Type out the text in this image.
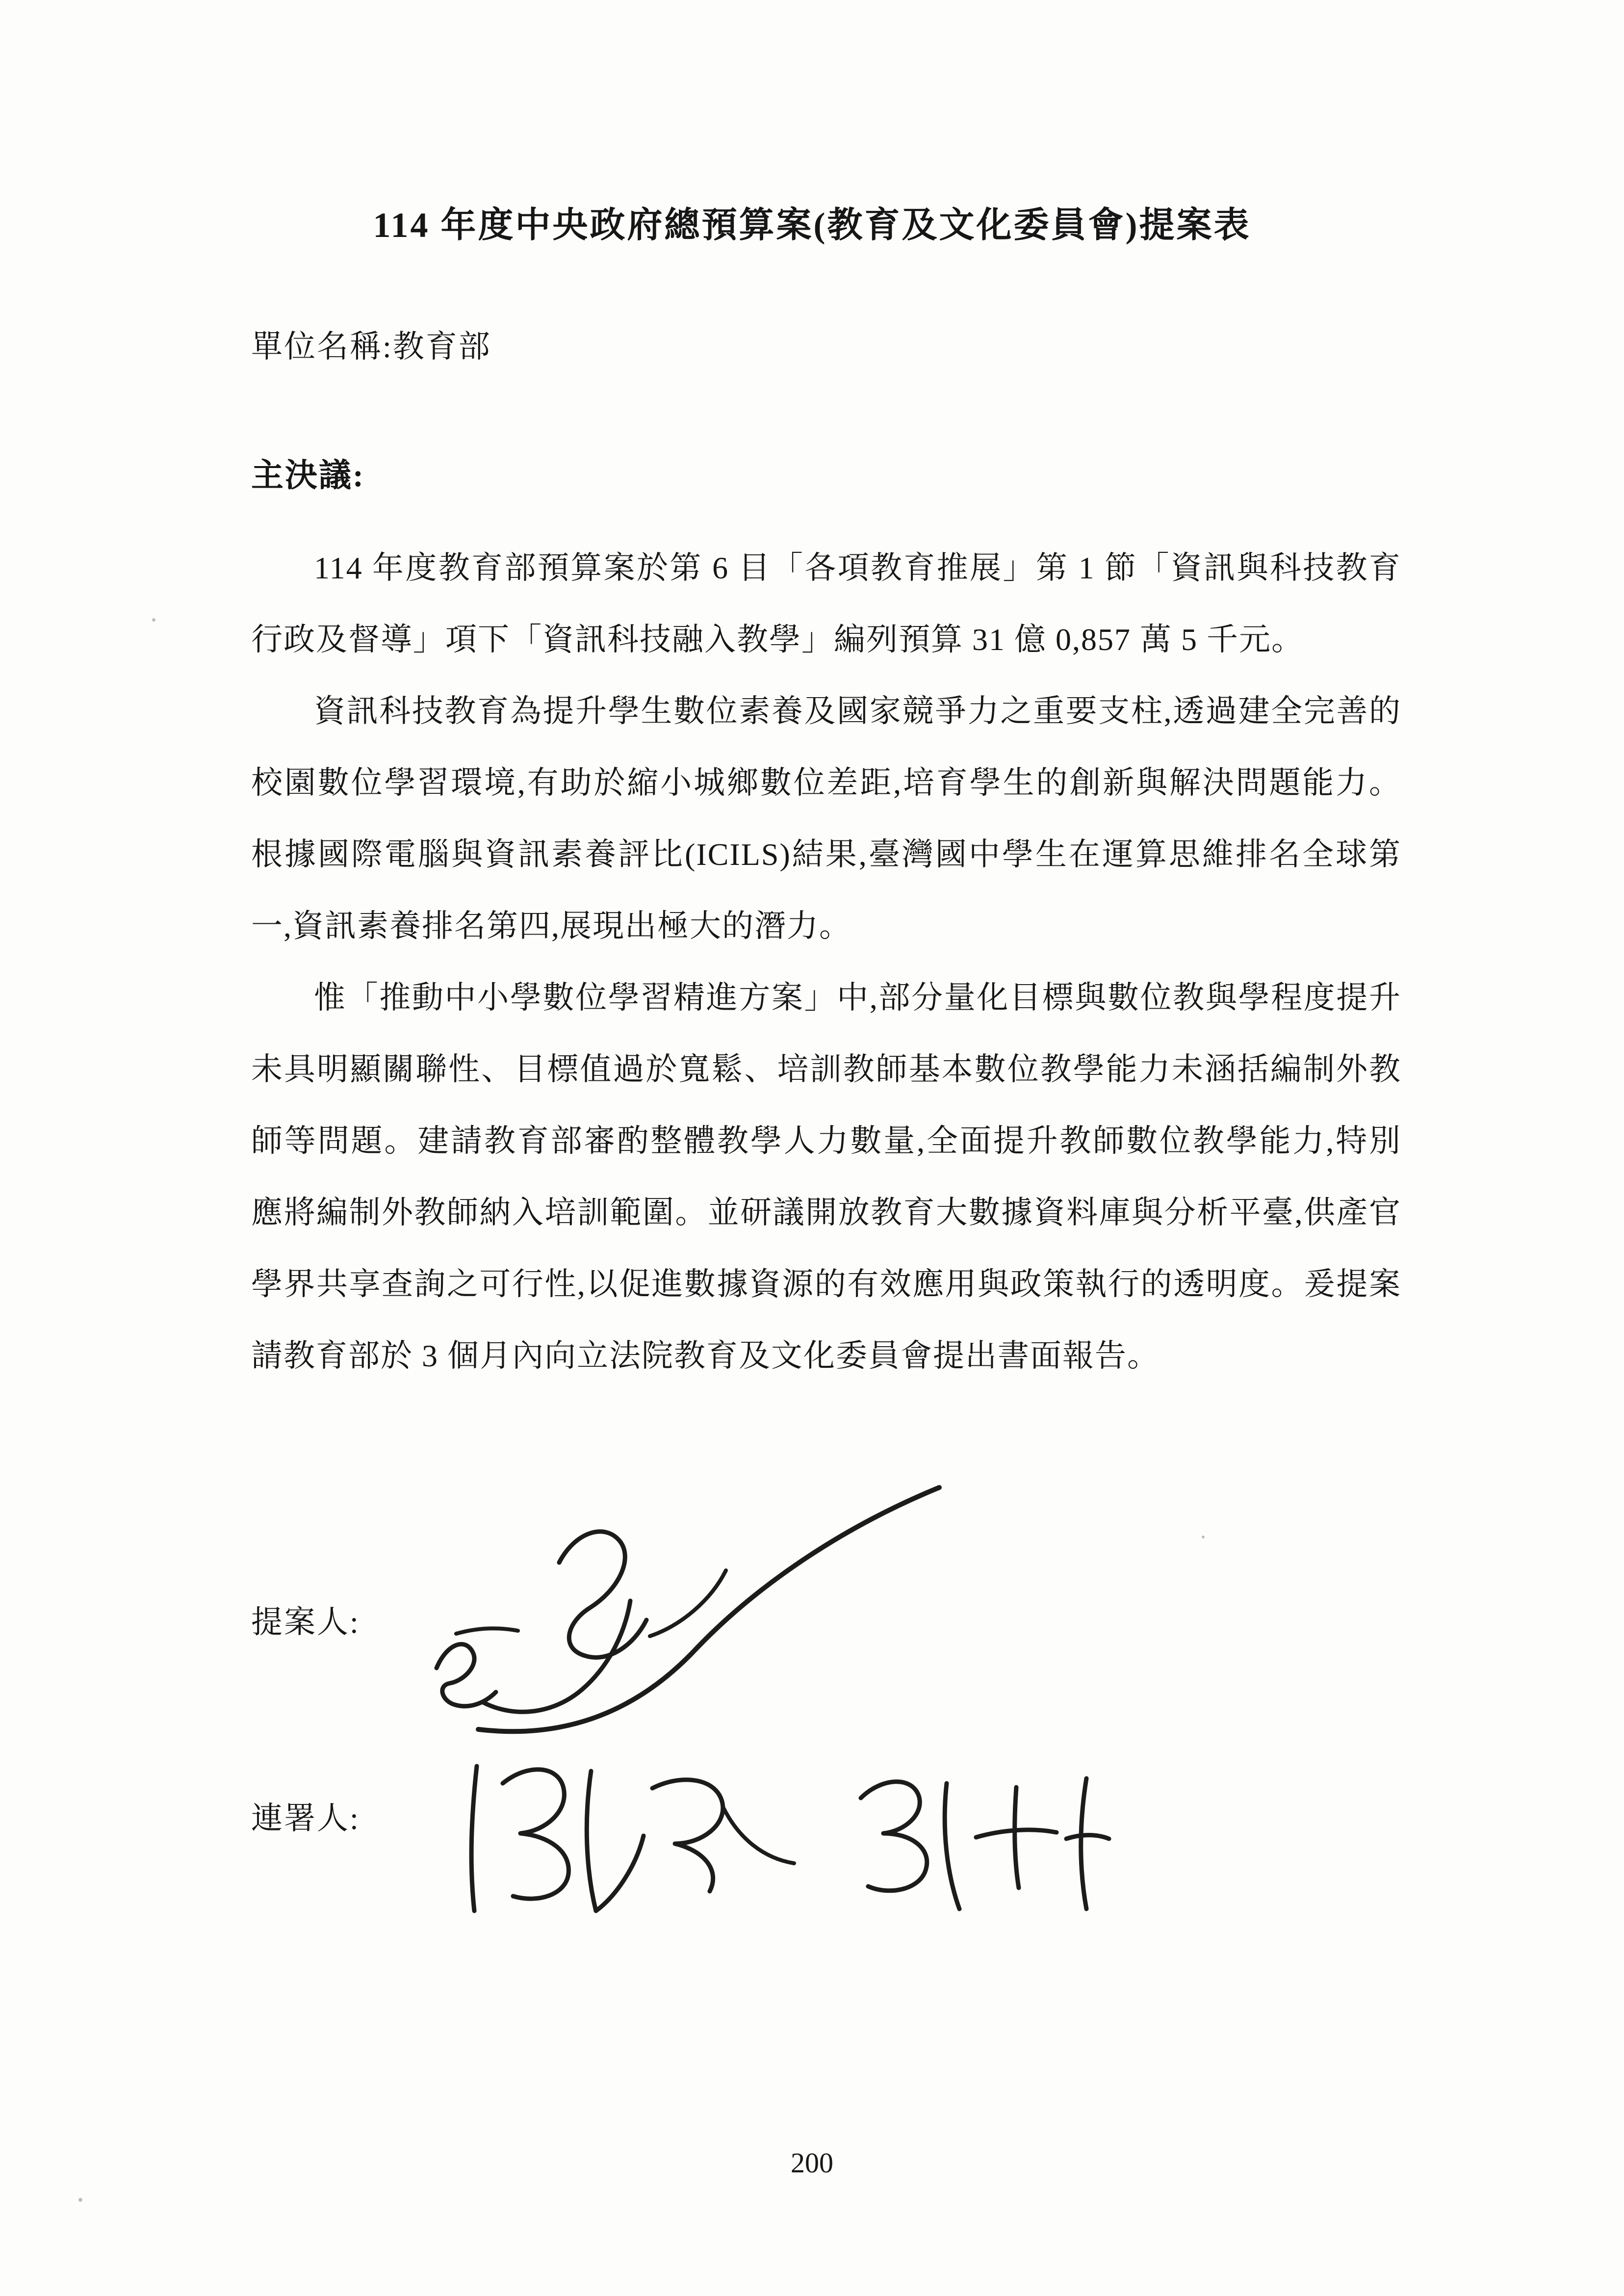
114 年度中央政府總預算案(教育及文化委員會)提案表
單位名稱:教育部
主決議:

114 年度教育部預算案於第 6 目「各項教育推展」第 1 節「資訊與科技教育行政及督導」項下「資訊科技融入教學」編列預算 31 億 0,857 萬 5 千元。

資訊科技教育為提升學生數位素養及國家競爭力之重要支柱,透過建全完善的校園數位學習環境,有助於縮小城鄉數位差距,培育學生的創新與解決問題能力。根據國際電腦與資訊素養評比(ICILS)結果,臺灣國中學生在運算思維排名全球第一,資訊素養排名第四,展現出極大的潛力。

惟「推動中小學數位學習精進方案」中,部分量化目標與數位教與學程度提升未具明顯關聯性、目標值過於寬鬆、培訓教師基本數位教學能力未涵括編制外教師等問題。建請教育部審酌整體教學人力數量,全面提升教師數位教學能力,特別應將編制外教師納入培訓範圍。並研議開放教育大數據資料庫與分析平臺,供產官學界共享查詢之可行性,以促進數據資源的有效應用與政策執行的透明度。爰提案請教育部於 3 個月內向立法院教育及文化委員會提出書面報告。

提案人:
連署人:
200
